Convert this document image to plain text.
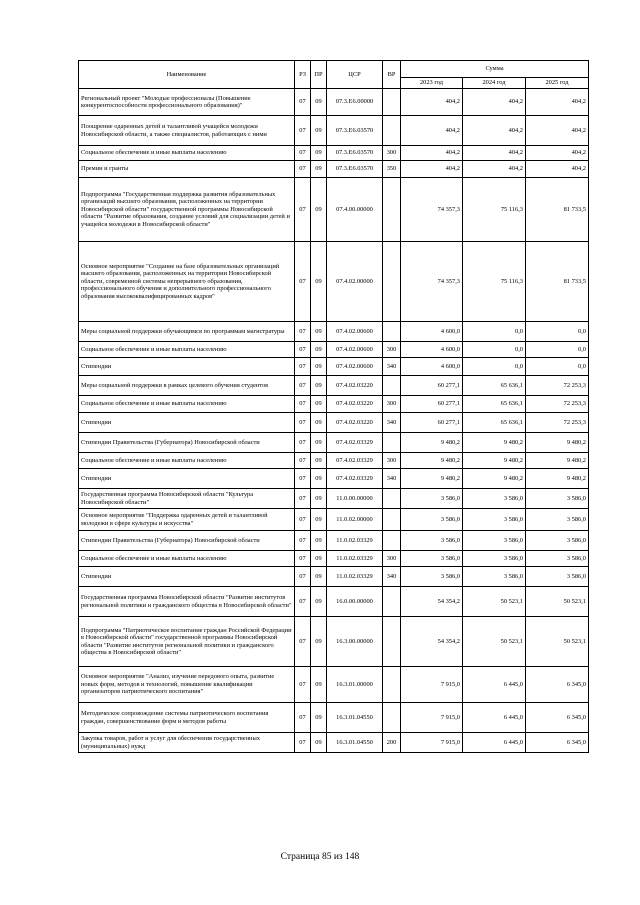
Наименование	РЗ	ПР	ЦСР	ВР	Сумма		
					2023 год	2024 год	2025 год
Региональный проект "Молодые профессионалы (Повышение конкурентоспособности профессионального образования)"	07	09	07.3.Е6.00000		404,2	404,2	404,2
Поощрение одаренных детей и талантливой учащейся молодежи Новосибирской области, а также специалистов, работающих с ними	07	09	07.3.Е6.03570		404,2	404,2	404,2
Социальное обеспечение и иные выплаты населению	07	09	07.3.Е6.03570	300	404,2	404,2	404,2
Премии и гранты	07	09	07.3.Е6.03570	350	404,2	404,2	404,2
Подпрограмма "Государственная поддержка развития образовательных организаций высшего образования, расположенных на территории Новосибирской области" государственной программы Новосибирской области "Развитие образования, создание условий для социализации детей и учащейся молодежи в Новосибирской области"	07	09	07.4.00.00000		74 357,3	75 116,3	81 733,5
Основное мероприятие "Создание на базе образовательных организаций высшего образования, расположенных на территории Новосибирской области, современной системы непрерывного образования, профессионального обучения и дополнительного профессионального образования высококвалифицированных кадров"	07	09	07.4.02.00000		74 357,3	75 116,3	81 733,5
Меры социальной поддержки обучающимся по программам магистратуры	07	09	07.4.02.00600		4 600,0	0,0	0,0
Социальное обеспечение и иные выплаты населению	07	09	07.4.02.00600	300	4 600,0	0,0	0,0
Стипендии	07	09	07.4.02.00600	340	4 600,0	0,0	0,0
Меры социальной поддержки в рамках целевого обучения студентов	07	09	07.4.02.03220		60 277,1	65 636,1	72 253,3
Социальное обеспечение и иные выплаты населению	07	09	07.4.02.03220	300	60 277,1	65 636,1	72 253,3
Стипендии	07	09	07.4.02.03220	340	60 277,1	65 636,1	72 253,3
Стипендии Правительства (Губернатора) Новосибирской области	07	09	07.4.02.03329		9 480,2	9 480,2	9 480,2
Социальное обеспечение и иные выплаты населению	07	09	07.4.02.03329	300	9 480,2	9 480,2	9 480,2
Стипендии	07	09	07.4.02.03329	340	9 480,2	9 480,2	9 480,2
Государственная программа Новосибирской области "Культура Новосибирской области"	07	09	11.0.00.00000		3 586,0	3 586,0	3 586,0
Основное мероприятие "Поддержка одаренных детей и талантливой молодежи в сфере культуры и искусства"	07	09	11.0.02.00000		3 586,0	3 586,0	3 586,0
Стипендии Правительства (Губернатора) Новосибирской области	07	09	11.0.02.03329		3 586,0	3 586,0	3 586,0
Социальное обеспечение и иные выплаты населению	07	09	11.0.02.03329	300	3 586,0	3 586,0	3 586,0
Стипендии	07	09	11.0.02.03329	340	3 586,0	3 586,0	3 586,0
Государственная программа Новосибирской области "Развитие институтов региональной политики и гражданского общества в Новосибирской области"	07	09	16.0.00.00000		54 354,2	50 523,1	50 523,1
Подпрограмма "Патриотическое воспитание граждан Российской Федерации в Новосибирской области" государственной программы Новосибирской области "Развитие институтов региональной политики и гражданского общества в Новосибирской области"	07	09	16.3.00.00000		54 354,2	50 523,1	50 523,1
Основное мероприятие "Анализ, изучение передового опыта, развитие новых форм, методов и технологий, повышение квалификации организаторов патриотического воспитания"	07	09	16.3.01.00000		7 915,0	6 445,0	6 345,0
Методическое сопровождение системы патриотического воспитания граждан, совершенствование форм и методов работы	07	09	16.3.01.04550		7 915,0	6 445,0	6 345,0
Закупка товаров, работ и услуг для обеспечения государственных (муниципальных) нужд	07	09	16.3.01.04550	200	7 915,0	6 445,0	6 345,0
Страница 85 из 148
